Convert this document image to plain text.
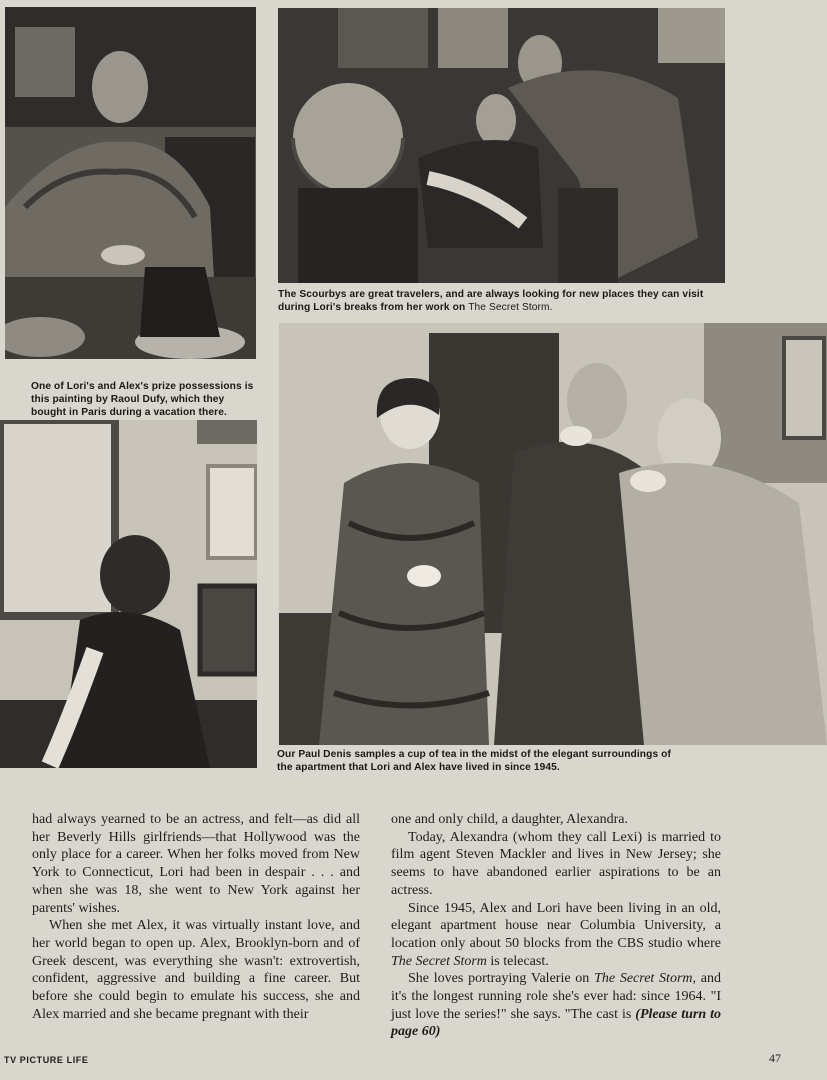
The Scourbys are great travelers, and are always looking for new places they can visit during Lori's breaks from her work on The Secret Storm.
One of Lori's and Alex's prize possessions is this painting by Raoul Dufy, which they bought in Paris during a vacation there.
Our Paul Denis samples a cup of tea in the midst of the elegant surroundings of the apartment that Lori and Alex have lived in since 1945.

had always yearned to be an actress, and felt—as did all her Beverly Hills girlfriends—that Hollywood was the only place for a career. When her folks moved from New York to Connecticut, Lori had been in despair . . . and when she was 18, she went to New York against her parents' wishes.

When she met Alex, it was virtually instant love, and her world began to open up. Alex, Brooklyn-born and of Greek descent, was everything she wasn't: extrovertish, confident, aggressive and building a fine career. But before she could begin to emulate his success, she and Alex married and she became pregnant with their

one and only child, a daughter, Alexandra.

Today, Alexandra (whom they call Lexi) is married to film agent Steven Mackler and lives in New Jersey; she seems to have abandoned earlier aspirations to be an actress.

Since 1945, Alex and Lori have been living in an old, elegant apartment house near Columbia University, a location only about 50 blocks from the CBS studio where The Secret Storm is telecast.

She loves portraying Valerie on The Secret Storm, and it's the longest running role she's ever had: since 1964. "I just love the series!" she says. "The cast is (Please turn to page 60)

TV PICTURE LIFE	47
